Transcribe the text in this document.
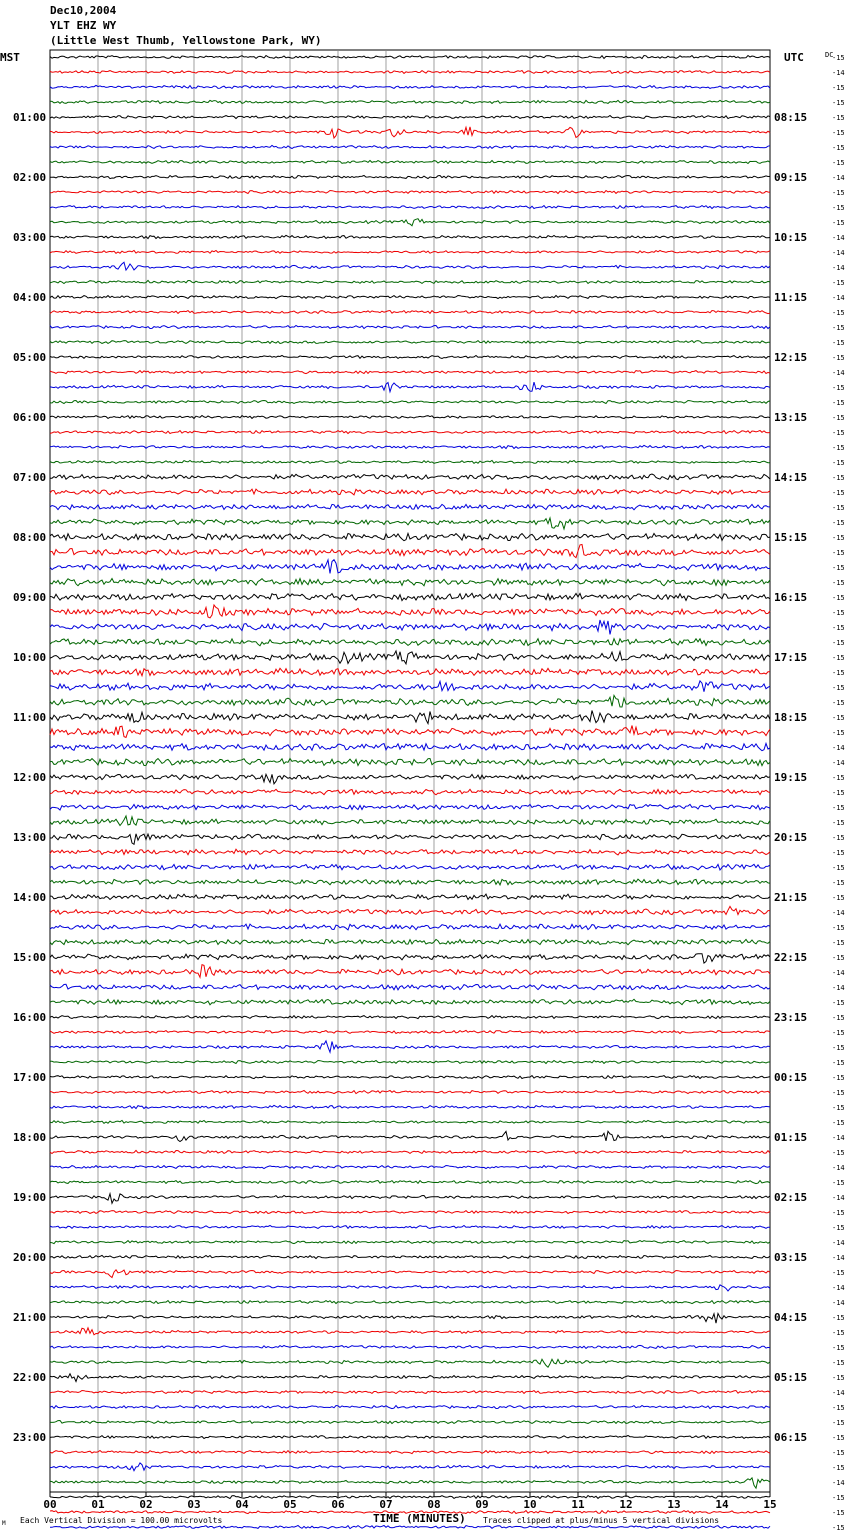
Dec10,2004
YLT EHZ WY
(Little West Thumb, Yellowstone Park, WY)
MST	UTC	DC
00	01	02	03	04	05	06	07	08	09	10	11	12	13	14	15
-15
-14
-15
-15
-15
-15
-15
-15
-14
-15
-15
-15
-14
-14
-14
-15
-14
-15
-15
-15
-15
-14
-15
-15
-15
-15
-15
-15
-15
-15
-15
-15
-15
-15
-15
-15
-15
-15
-15
-15
-15
-15
-15
-15
-15
-15
-14
-14
-15
-15
-15
-15
-15
-15
-15
-15
-15
-14
-15
-15
-15
-14
-14
-15
-15
-15
-15
-15
-15
-15
-15
-15
-14
-15
-14
-15
-14
-15
-15
-14
-14
-15
-14
-14
-15
-15
-15
-15
-15
-14
-15
-15
-15
-15
-15
-14
-15
-15
-15
01:00
02:00
03:00
04:00
05:00
06:00
07:00
08:00
09:00
10:00
11:00
12:00
13:00
14:00
15:00
16:00
17:00
18:00
19:00
20:00
21:00
22:00
23:00
08:15
09:15
10:15
11:15
12:15
13:15
14:15
15:15
16:15
17:15
18:15
19:15
20:15
21:15
22:15
23:15
00:15
01:15
02:15
03:15
04:15
05:15
06:15
TIME (MINUTES)
Each Vertical Division = 100.00 microvolts	Traces clipped at plus/minus 5 vertical divisions
M
